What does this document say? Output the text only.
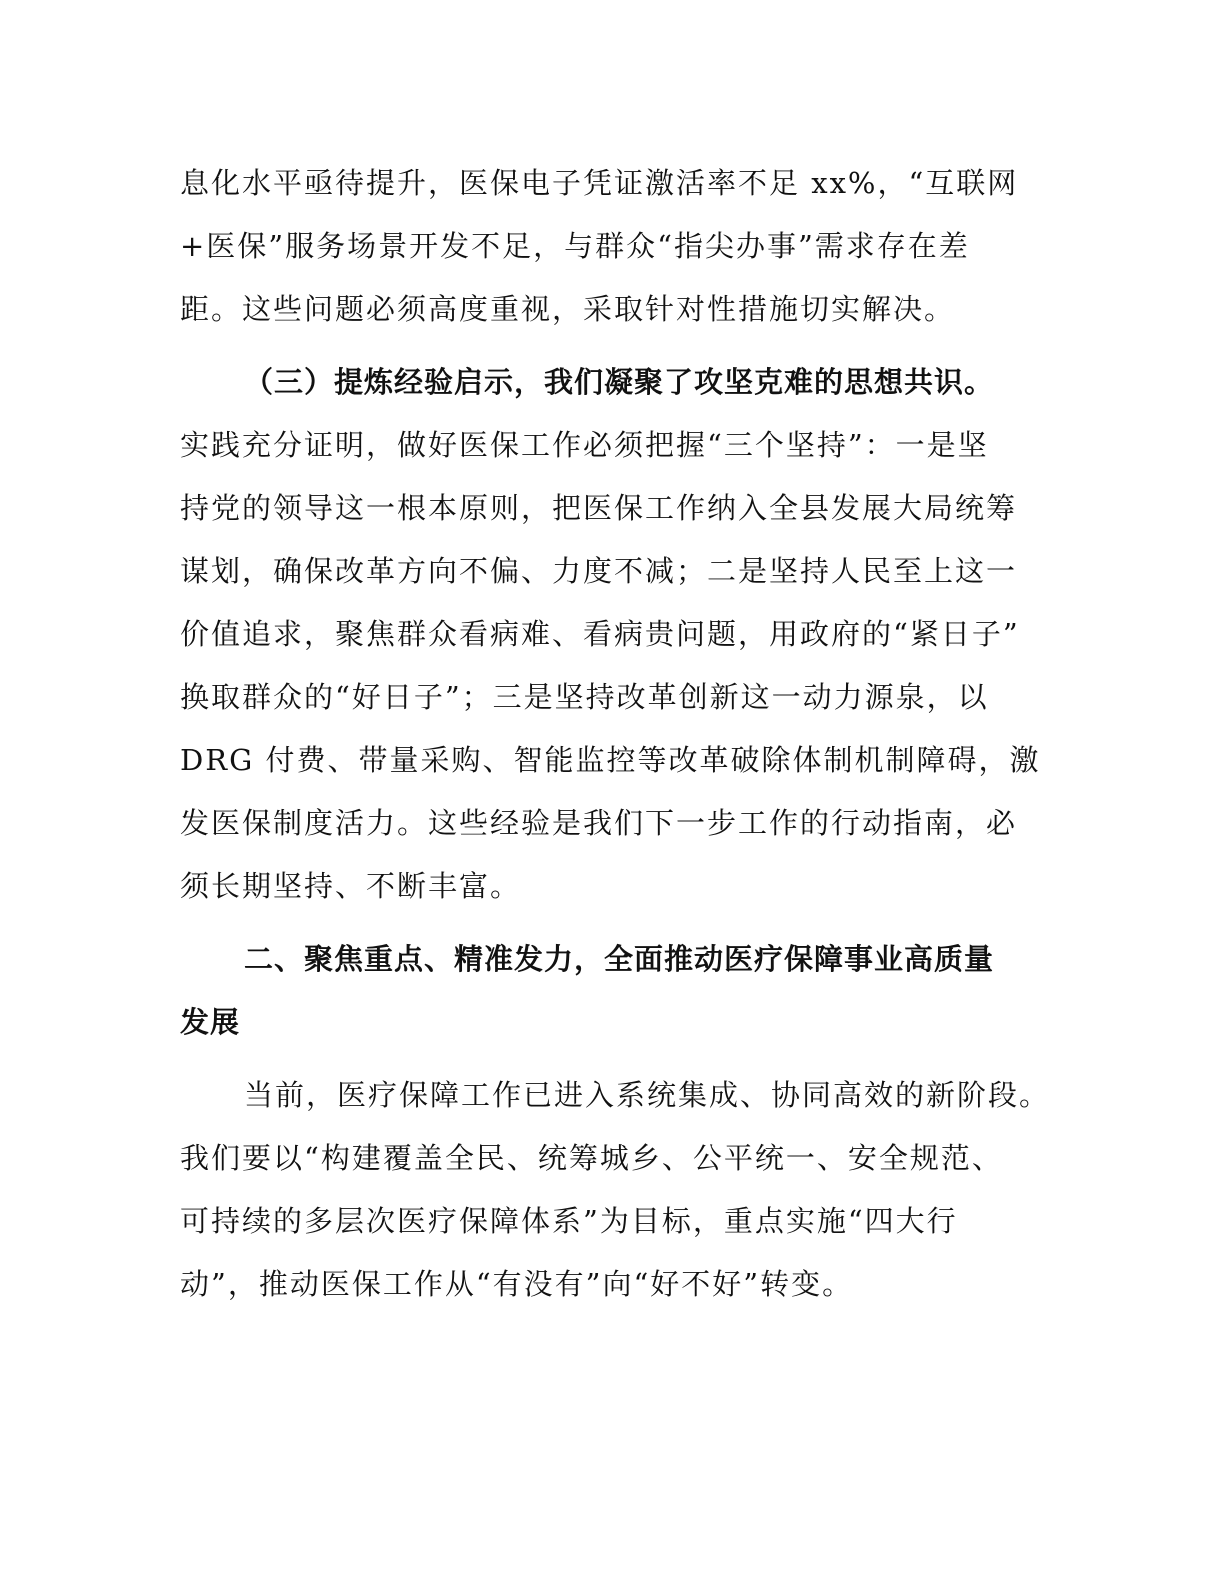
息化水平亟待提升，医保电子凭证激活率不足 xx%，“互联网
+医保”服务场景开发不足，与群众“指尖办事”需求存在差
距。这些问题必须高度重视，采取针对性措施切实解决。
（三）提炼经验启示，我们凝聚了攻坚克难的思想共识。
实践充分证明，做好医保工作必须把握“三个坚持”：一是坚
持党的领导这一根本原则，把医保工作纳入全县发展大局统筹
谋划，确保改革方向不偏、力度不减；二是坚持人民至上这一
价值追求，聚焦群众看病难、看病贵问题，用政府的“紧日子”
换取群众的“好日子”；三是坚持改革创新这一动力源泉，以
DRG 付费、带量采购、智能监控等改革破除体制机制障碍，激
发医保制度活力。这些经验是我们下一步工作的行动指南，必
须长期坚持、不断丰富。
二、聚焦重点、精准发力，全面推动医疗保障事业高质量
发展
当前，医疗保障工作已进入系统集成、协同高效的新阶段。
我们要以“构建覆盖全民、统筹城乡、公平统一、安全规范、
可持续的多层次医疗保障体系”为目标，重点实施“四大行
动”，推动医保工作从“有没有”向“好不好”转变。
